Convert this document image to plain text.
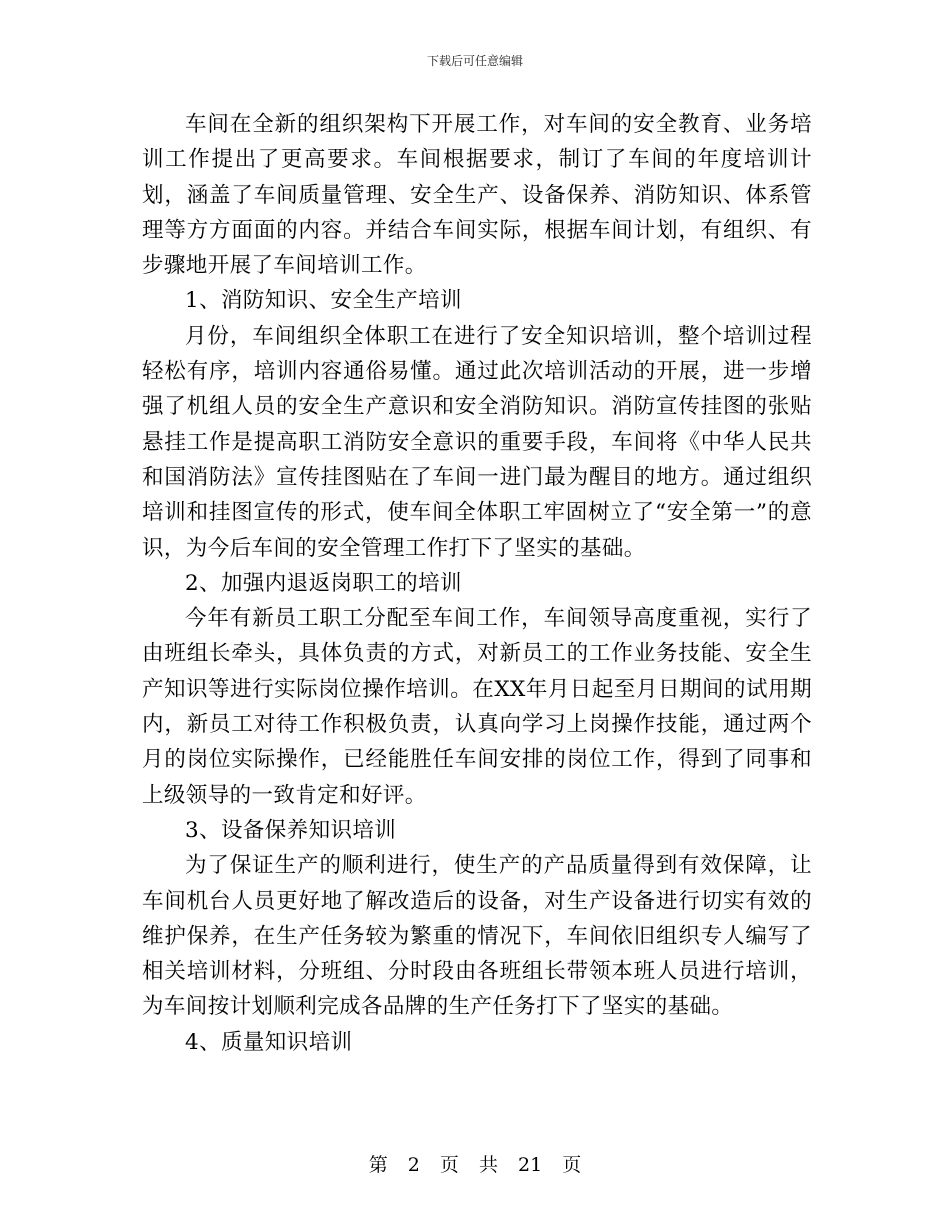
下载后可任意编辑

车间在全新的组织架构下开展工作，对车间的安全教育、业务培训工作提出了更高要求。车间根据要求，制订了车间的年度培训计划，涵盖了车间质量管理、安全生产、设备保养、消防知识、体系管理等方方面面的内容。并结合车间实际，根据车间计划，有组织、有步骤地开展了车间培训工作。

1、消防知识、安全生产培训

月份，车间组织全体职工在进行了安全知识培训，整个培训过程轻松有序，培训内容通俗易懂。通过此次培训活动的开展，进一步增强了机组人员的安全生产意识和安全消防知识。消防宣传挂图的张贴悬挂工作是提高职工消防安全意识的重要手段，车间将《中华人民共和国消防法》宣传挂图贴在了车间一进门最为醒目的地方。通过组织培训和挂图宣传的形式，使车间全体职工牢固树立了“安全第一”的意识，为今后车间的安全管理工作打下了坚实的基础。

2、加强内退返岗职工的培训

今年有新员工职工分配至车间工作，车间领导高度重视，实行了由班组长牵头，具体负责的方式，对新员工的工作业务技能、安全生产知识等进行实际岗位操作培训。在XX年月日起至月日期间的试用期内，新员工对待工作积极负责，认真向学习上岗操作技能，通过两个月的岗位实际操作，已经能胜任车间安排的岗位工作，得到了同事和上级领导的一致肯定和好评。

3、设备保养知识培训

为了保证生产的顺利进行，使生产的产品质量得到有效保障，让车间机台人员更好地了解改造后的设备，对生产设备进行切实有效的维护保养，在生产任务较为繁重的情况下，车间依旧组织专人编写了相关培训材料，分班组、分时段由各班组长带领本班人员进行培训，为车间按计划顺利完成各品牌的生产任务打下了坚实的基础。

4、质量知识培训

第 2 页 共 21 页
